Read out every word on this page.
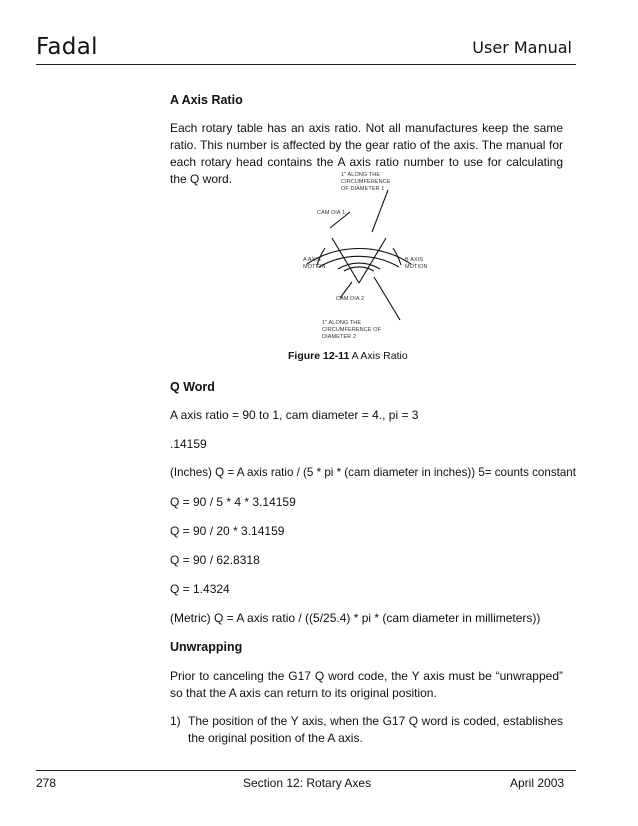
Fadal	User Manual
A Axis Ratio
Each rotary table has an axis ratio. Not all manufactures keep the same ratio. This number is affected by the gear ratio of the axis. The manual for each rotary head contains the A axis ratio number to use for calculating the Q word.	1" ALONG THE
CIRCUMFERENCE
OF DIAMETER 1
CAM DIA 1
A AXIS
MOTION
B AXIS
MOTION
CAM DIA 2
1" ALONG THE
CIRCUMFERENCE OF
DIAMETER 2
Figure 12-11 A Axis Ratio
Q Word
A axis ratio = 90 to 1, cam diameter = 4., pi = 3
.14159
(Inches) Q = A axis ratio / (5 * pi * (cam diameter in inches)) 5= counts constant
Q = 90 / 5 * 4 * 3.14159
Q = 90 / 20 * 3.14159
Q = 90 / 62.8318
Q = 1.4324
(Metric) Q = A axis ratio / ((5/25.4) * pi * (cam diameter in millimeters))
Unwrapping
Prior to canceling the G17 Q word code, the Y axis must be “unwrapped” so that the A axis can return to its original position.
1) The position of the Y axis, when the G17 Q word is coded, establishes the original position of the A axis.
278	Section 12: Rotary Axes	April 2003
